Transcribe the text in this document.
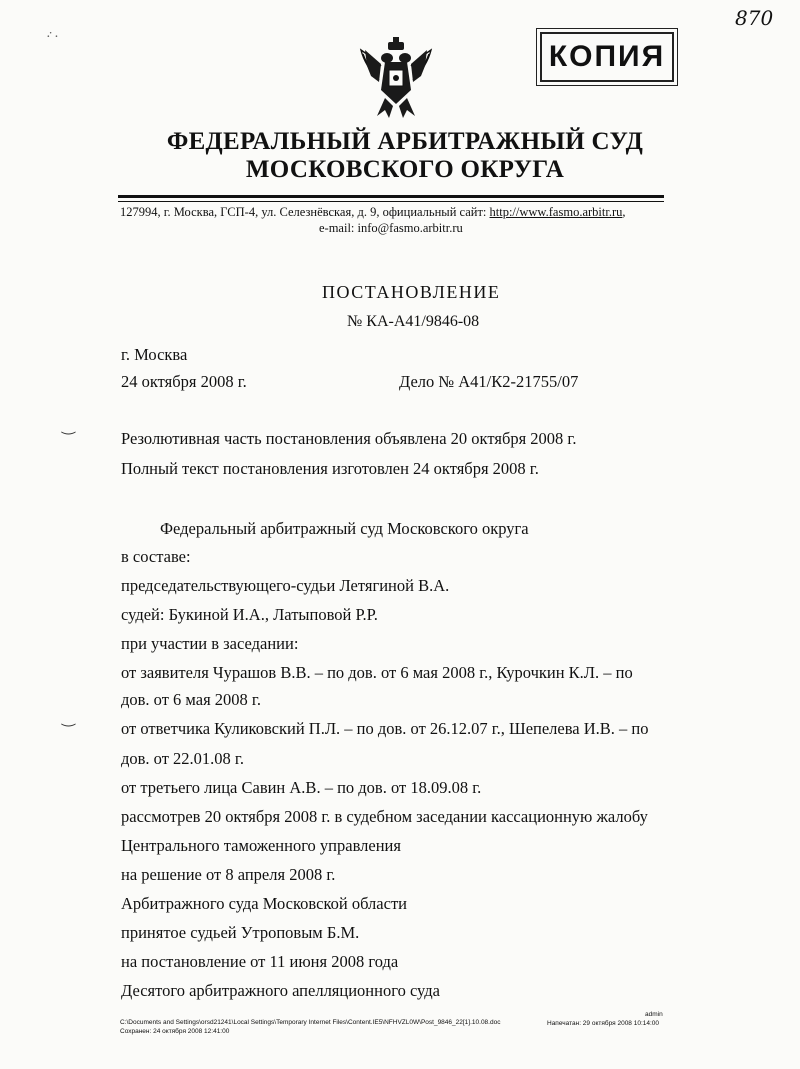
·̇ ·
870
КОПИЯ
ФЕДЕРАЛЬНЫЙ АРБИТРАЖНЫЙ СУД
МОСКОВСКОГО ОКРУГА
127994, г. Москва, ГСП-4, ул. Селезнёвская, д. 9, официальный сайт: http://www.fasmo.arbitr.ru,
e-mail: info@fasmo.arbitr.ru
ПОСТАНОВЛЕНИЕ
№ КА-А41/9846-08
г. Москва
24 октября 2008 г.	Дело № А41/К2-21755/07
‿
Резолютивная часть постановления объявлена 20 октября 2008 г.
Полный текст постановления изготовлен 24 октября 2008 г.
Федеральный арбитражный суд Московского округа
в составе:
председательствующего-судьи Летягиной В.А.
судей: Букиной И.А., Латыповой Р.Р.
при участии в заседании:
от заявителя Чурашов В.В. – по дов. от 6 мая 2008 г., Курочкин К.Л. – по
дов. от 6 мая 2008 г.
‿
от ответчика Куликовский П.Л. – по дов. от 26.12.07 г., Шепелева И.В. – по
дов. от 22.01.08 г.
от третьего лица Савин А.В. – по дов. от 18.09.08 г.
рассмотрев 20 октября 2008 г. в судебном заседании кассационную жалобу
Центрального таможенного управления
на решение от 8 апреля 2008 г.
Арбитражного суда Московской области
принятое судьей Утроповым Б.М.
на постановление от 11 июня 2008 года
Десятого арбитражного апелляционного суда
C:\Documents and Settings\orsd21241\Local Settings\Temporary Internet Files\Content.IE5\NFHVZL0W\Post_9846_22[1].10.08.doc
Сохранен: 24 октября 2008 12:41:00
admin
Напечатан: 29 октября 2008 10:14:00
